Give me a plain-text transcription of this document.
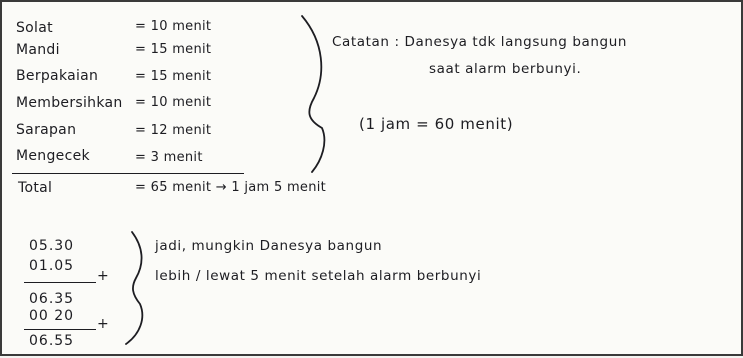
Solat	= 10 menit
Mandi	= 15 menit
Berpakaian	= 15 menit
Membersihkan = 10 menit
Sarapan	= 12 menit
Mengecek	= 3 menit
Total	= 65 menit → 1 jam 5 menit
Catatan : Danesya tdk langsung bangun
saat alarm berbunyi.
(1 jam = 60 menit)
05.30
01.05
+
06.35
00 20 +
06.55
jadi, mungkin Danesya bangun
lebih / lewat 5 menit setelah alarm berbunyi
